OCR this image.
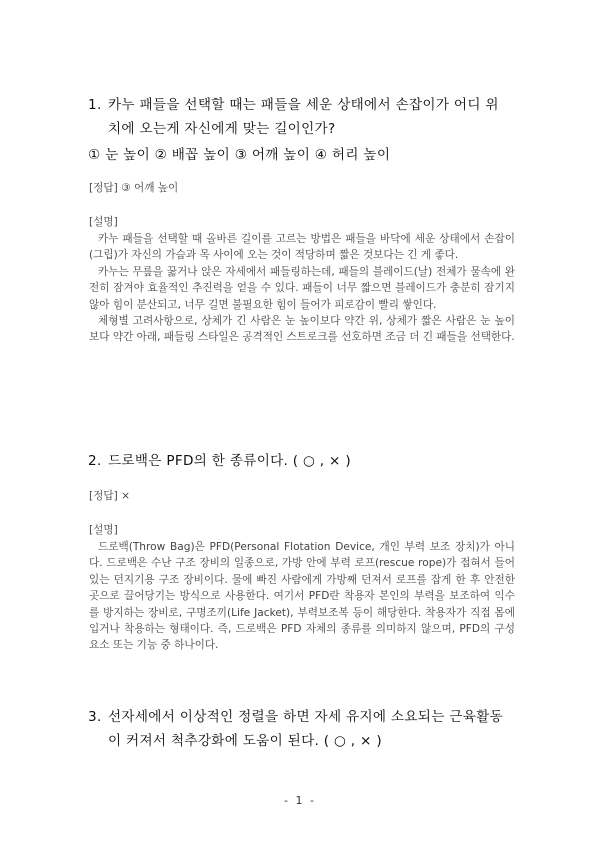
1. 카누 패들을 선택할 때는 패들을 세운 상태에서 손잡이가 어디 위
치에 오는게 자신에게 맞는 길이인가?
① 눈 높이 ② 배꼽 높이 ③ 어깨 높이 ④ 허리 높이
[정답] ③ 어깨 높이
[설명]

카누 패들을 선택할 때 올바른 길이를 고르는 방법은 패들을 바닥에 세운 상태에서 손잡이(그립)가 자신의 가슴과 목 사이에 오는 것이 적당하며 짧은 것보다는 긴 게 좋다.

카누는 무릎을 꿇거나 앉은 자세에서 패들링하는데, 패들의 블레이드(날) 전체가 물속에 완전히 잠겨야 효율적인 추진력을 얻을 수 있다. 패들이 너무 짧으면 블레이드가 충분히 잠기지 않아 힘이 분산되고, 너무 길면 불필요한 힘이 들어가 피로감이 빨리 쌓인다.

체형별 고려사항으로, 상체가 긴 사람은 눈 높이보다 약간 위, 상체가 짧은 사람은 눈 높이보다 약간 아래, 패들링 스타일은 공격적인 스트로크를 선호하면 조금 더 긴 패들을 선택한다.

2. 드로백은 PFD의 한 종류이다. ( ○ , × )
[정답] ×
[설명]

드로백(Throw Bag)은 PFD(Personal Flotation Device, 개인 부력 보조 장치)가 아니다. 드로백은 수난 구조 장비의 일종으로, 가방 안에 부력 로프(rescue rope)가 접혀서 들어있는 던지기용 구조 장비이다. 물에 빠진 사람에게 가방째 던져서 로프를 잡게 한 후 안전한 곳으로 끌어당기는 방식으로 사용한다. 여기서 PFD란 착용자 본인의 부력을 보조하여 익수를 방지하는 장비로, 구명조끼(Life Jacket), 부력보조복 등이 해당한다. 착용자가 직접 몸에 입거나 착용하는 형태이다. 즉, 드로백은 PFD 자체의 종류를 의미하지 않으며, PFD의 구성 요소 또는 기능 중 하나이다.

3. 선자세에서 이상적인 정렬을 하면 자세 유지에 소요되는 근육활동
이 커져서 척추강화에 도움이 된다. ( ○ , × )
- 1 -
